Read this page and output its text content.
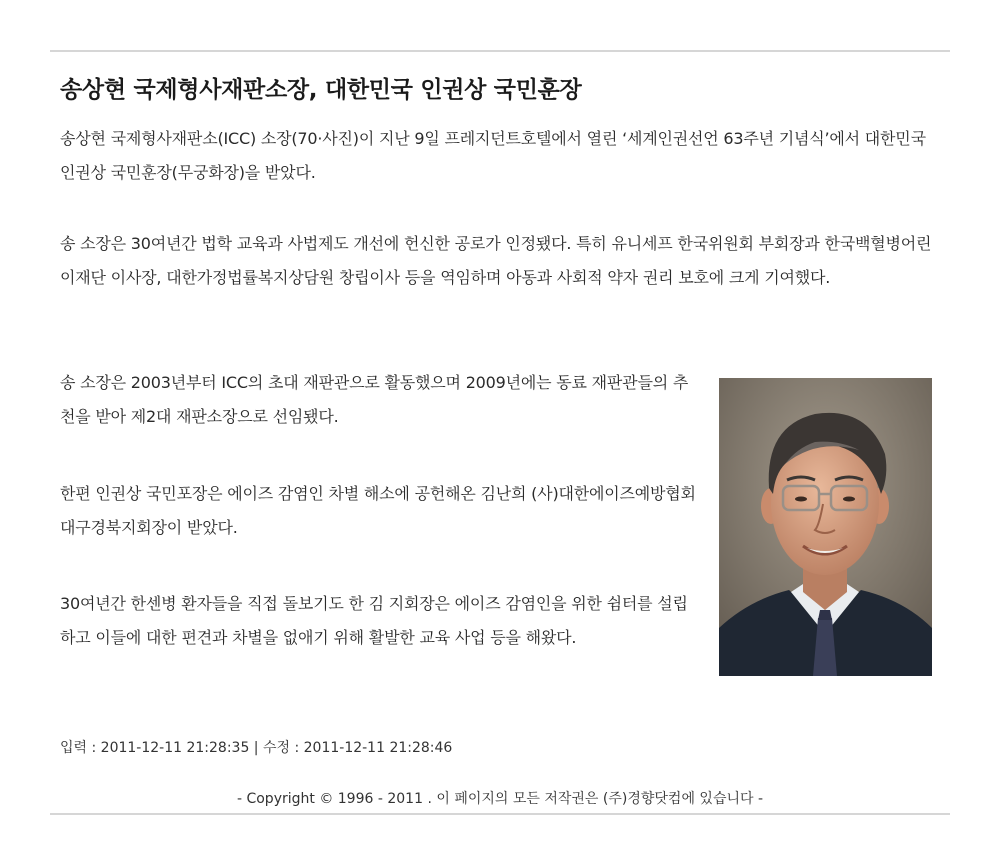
송상현 국제형사재판소장, 대한민국 인권상 국민훈장

송상현 국제형사재판소(ICC) 소장(70·사진)이 지난 9일 프레지던트호텔에서 열린 ‘세계인권선언 63주년 기념식’에서 대한민국 인권상 국민훈장(무궁화장)을 받았다.

송 소장은 30여년간 법학 교육과 사법제도 개선에 헌신한 공로가 인정됐다. 특히 유니세프 한국위원회 부회장과 한국백혈병어린이재단 이사장, 대한가정법률복지상담원 창립이사 등을 역임하며 아동과 사회적 약자 권리 보호에 크게 기여했다.

송 소장은 2003년부터 ICC의 초대 재판관으로 활동했으며 2009년에는 동료 재판관들의 추천을 받아 제2대 재판소장으로 선임됐다.

한편 인권상 국민포장은 에이즈 감염인 차별 해소에 공헌해온 김난희 (사)대한에이즈예방협회 대구경북지회장이 받았다.

30여년간 한센병 환자들을 직접 돌보기도 한 김 지회장은 에이즈 감염인을 위한 쉼터를 설립하고 이들에 대한 편견과 차별을 없애기 위해 활발한 교육 사업 등을 해왔다.

입력 : 2011-12-11 21:28:35 | 수정 : 2011-12-11 21:28:46

- Copyright © 1996 - 2011 . 이 페이지의 모든 저작권은 (주)경향닷컴에 있습니다 -
